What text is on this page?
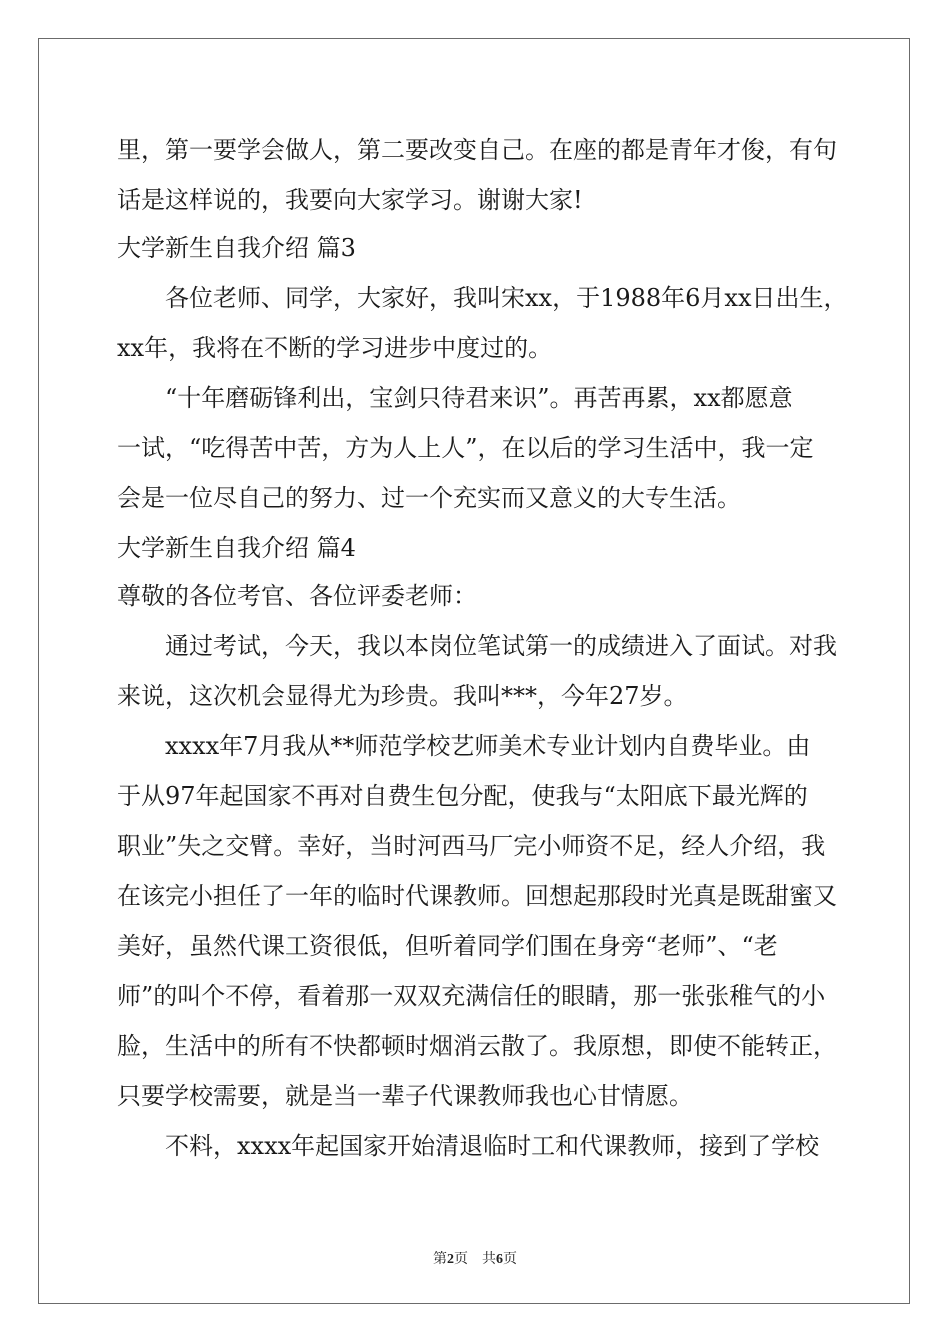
里，第一要学会做人，第二要改变自己。在座的都是青年才俊，有句
话是这样说的，我要向大家学习。谢谢大家!
大学新生自我介绍 篇3
各位老师、同学，大家好，我叫宋xx，于1988年6月xx日出生，
xx年，我将在不断的学习进步中度过的。
“十年磨砺锋利出，宝剑只待君来识”。再苦再累，xx都愿意
一试，“吃得苦中苦，方为人上人”，在以后的学习生活中，我一定
会是一位尽自己的努力、过一个充实而又意义的大专生活。
大学新生自我介绍 篇4
尊敬的各位考官、各位评委老师：
通过考试，今天，我以本岗位笔试第一的成绩进入了面试。对我
来说，这次机会显得尤为珍贵。我叫***，今年27岁。
xxxx年7月我从**师范学校艺师美术专业计划内自费毕业。由
于从97年起国家不再对自费生包分配，使我与“太阳底下最光辉的
职业”失之交臂。幸好，当时河西马厂完小师资不足，经人介绍，我
在该完小担任了一年的临时代课教师。回想起那段时光真是既甜蜜又
美好，虽然代课工资很低，但听着同学们围在身旁“老师”、“老
师”的叫个不停，看着那一双双充满信任的眼睛，那一张张稚气的小
脸，生活中的所有不快都顿时烟消云散了。我原想，即使不能转正，
只要学校需要，就是当一辈子代课教师我也心甘情愿。
不料，xxxx年起国家开始清退临时工和代课教师，接到了学校
第2页　共6页
